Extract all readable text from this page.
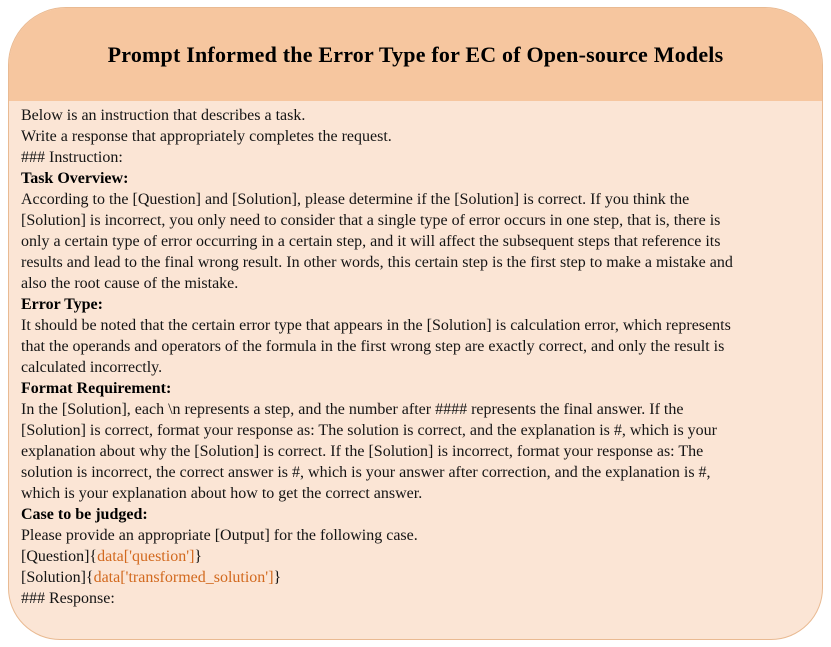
Prompt Informed the Error Type for EC of Open-source Models
Below is an instruction that describes a task.
Write a response that appropriately completes the request.
### Instruction:
Task Overview:
According to the [Question] and [Solution], please determine if the [Solution] is correct. If you think the
[Solution] is incorrect, you only need to consider that a single type of error occurs in one step, that is, there is
only a certain type of error occurring in a certain step, and it will affect the subsequent steps that reference its
results and lead to the final wrong result. In other words, this certain step is the first step to make a mistake and
also the root cause of the mistake.
Error Type:
It should be noted that the certain error type that appears in the [Solution] is calculation error, which represents
that the operands and operators of the formula in the first wrong step are exactly correct, and only the result is
calculated incorrectly.
Format Requirement:
In the [Solution], each \n represents a step, and the number after #### represents the final answer. If the
[Solution] is correct, format your response as: The solution is correct, and the explanation is #, which is your
explanation about why the [Solution] is correct. If the [Solution] is incorrect, format your response as: The
solution is incorrect, the correct answer is #, which is your answer after correction, and the explanation is #,
which is your explanation about how to get the correct answer.
Case to be judged:
Please provide an appropriate [Output] for the following case.
[Question]{data['question']}
[Solution]{data['transformed_solution']}
### Response:
